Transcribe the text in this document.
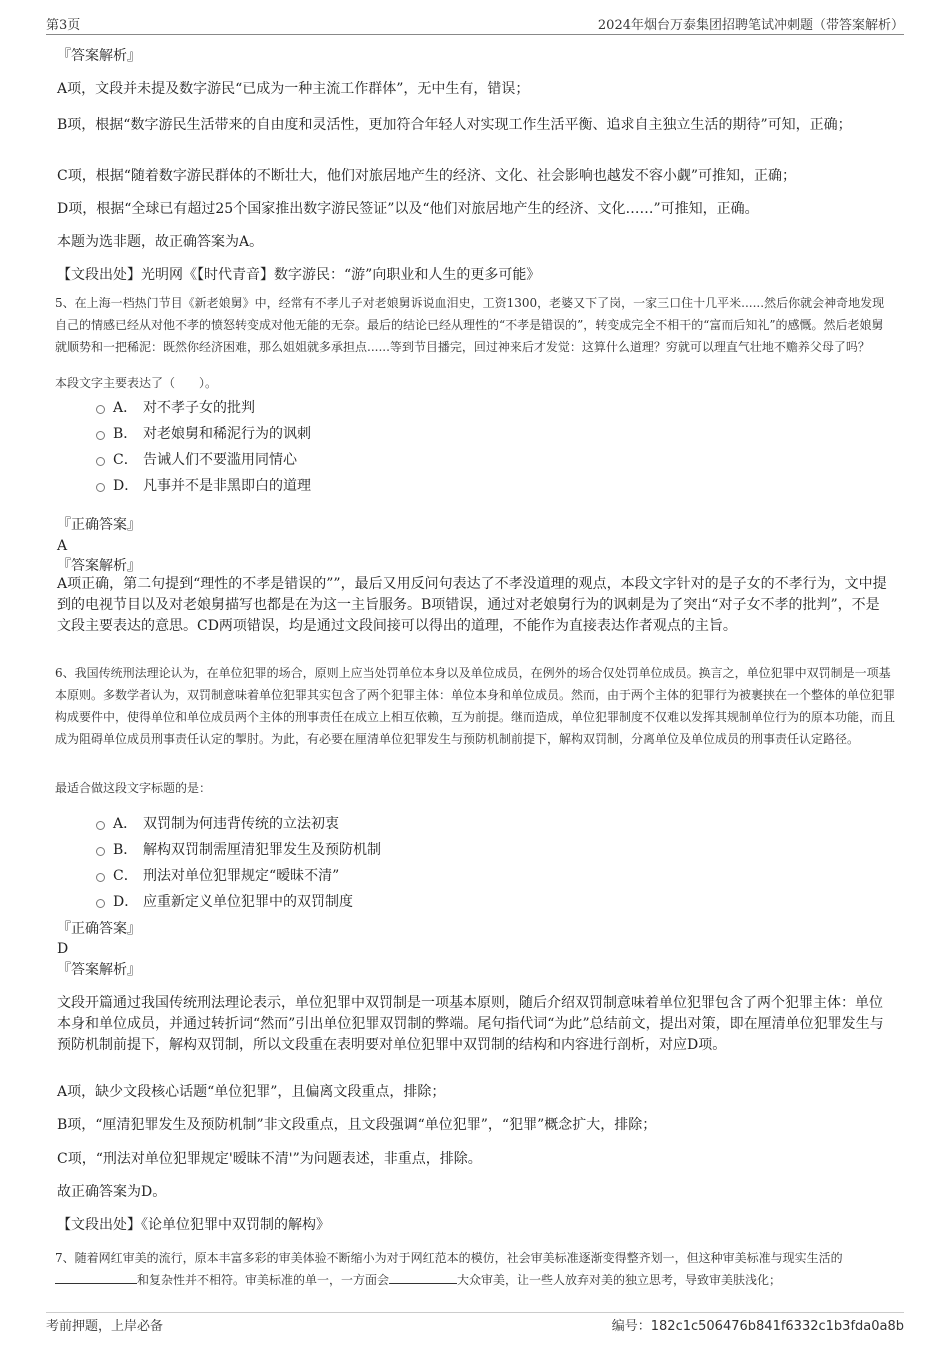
第3页	2024年烟台万泰集团招聘笔试冲刺题（带答案解析）

『答案解析』

A项，文段并未提及数字游民“已成为一种主流工作群体”，无中生有，错误；

B项，根据“数字游民生活带来的自由度和灵活性，更加符合年轻人对实现工作生活平衡、追求自主独立生活的期待”可知，正确；

C项，根据“随着数字游民群体的不断壮大，他们对旅居地产生的经济、文化、社会影响也越发不容小觑”可推知，正确；

D项，根据“全球已有超过25个国家推出数字游民签证”以及“他们对旅居地产生的经济、文化……”可推知，正确。

本题为选非题，故正确答案为A。

【文段出处】光明网《【时代青音】数字游民：“游”向职业和人生的更多可能》

5、在上海一档热门节目《新老娘舅》中，经常有不孝儿子对老娘舅诉说血泪史，工资1300，老婆又下了岗，一家三口住十几平米......然后你就会神奇地发现自己的情感已经从对他不孝的愤怒转变成对他无能的无奈。最后的结论已经从理性的“不孝是错误的”，转变成完全不相干的“富而后知礼”的感慨。然后老娘舅就顺势和一把稀泥：既然你经济困难，那么姐姐就多承担点......等到节目播完，回过神来后才发觉：这算什么道理？穷就可以理直气壮地不赡养父母了吗？

本段文字主要表达了（　　）。

A． 对不孝子女的批判
B． 对老娘舅和稀泥行为的讽刺
C． 告诫人们不要滥用同情心
D． 凡事并不是非黑即白的道理

『正确答案』

A

『答案解析』

A项正确，第二句提到“理性的不孝是错误的””，最后又用反问句表达了不孝没道理的观点，本段文字针对的是子女的不孝行为，文中提到的电视节目以及对老娘舅描写也都是在为这一主旨服务。B项错误，通过对老娘舅行为的讽刺是为了突出“对子女不孝的批判”，不是文段主要表达的意思。CD两项错误，均是通过文段间接可以得出的道理，不能作为直接表达作者观点的主旨。

6、我国传统刑法理论认为，在单位犯罪的场合，原则上应当处罚单位本身以及单位成员，在例外的场合仅处罚单位成员。换言之，单位犯罪中双罚制是一项基本原则。多数学者认为，双罚制意味着单位犯罪其实包含了两个犯罪主体：单位本身和单位成员。然而，由于两个主体的犯罪行为被裹挟在一个整体的单位犯罪构成要件中，使得单位和单位成员两个主体的刑事责任在成立上相互依赖，互为前提。继而造成，单位犯罪制度不仅难以发挥其规制单位行为的原本功能，而且成为阻碍单位成员刑事责任认定的掣肘。为此，有必要在厘清单位犯罪发生与预防机制前提下，解构双罚制，分离单位及单位成员的刑事责任认定路径。

最适合做这段文字标题的是：

A． 双罚制为何违背传统的立法初衷
B． 解构双罚制需厘清犯罪发生及预防机制
C． 刑法对单位犯罪规定“暧昧不清”
D． 应重新定义单位犯罪中的双罚制度

『正确答案』

D

『答案解析』

文段开篇通过我国传统刑法理论表示，单位犯罪中双罚制是一项基本原则，随后介绍双罚制意味着单位犯罪包含了两个犯罪主体：单位本身和单位成员，并通过转折词“然而”引出单位犯罪双罚制的弊端。尾句指代词“为此”总结前文，提出对策，即在厘清单位犯罪发生与预防机制前提下，解构双罚制，所以文段重在表明要对单位犯罪中双罚制的结构和内容进行剖析，对应D项。

A项，缺少文段核心话题“单位犯罪”，且偏离文段重点，排除；

B项，“厘清犯罪发生及预防机制”非文段重点，且文段强调“单位犯罪”，“犯罪”概念扩大，排除；

C项，“刑法对单位犯罪规定'暧昧不清'”为问题表述，非重点，排除。

故正确答案为D。

【文段出处】《论单位犯罪中双罚制的解构》

7、随着网红审美的流行，原本丰富多彩的审美体验不断缩小为对于网红范本的模仿，社会审美标准逐渐变得整齐划一，但这种审美标准与现实生活的和复杂性并不相符。审美标准的单一，一方面会	大众审美，让一些人放弃对美的独立思考，导致审美肤浅化；

考前押题，上岸必备	编号：182c1c506476b841f6332c1b3fda0a8b
